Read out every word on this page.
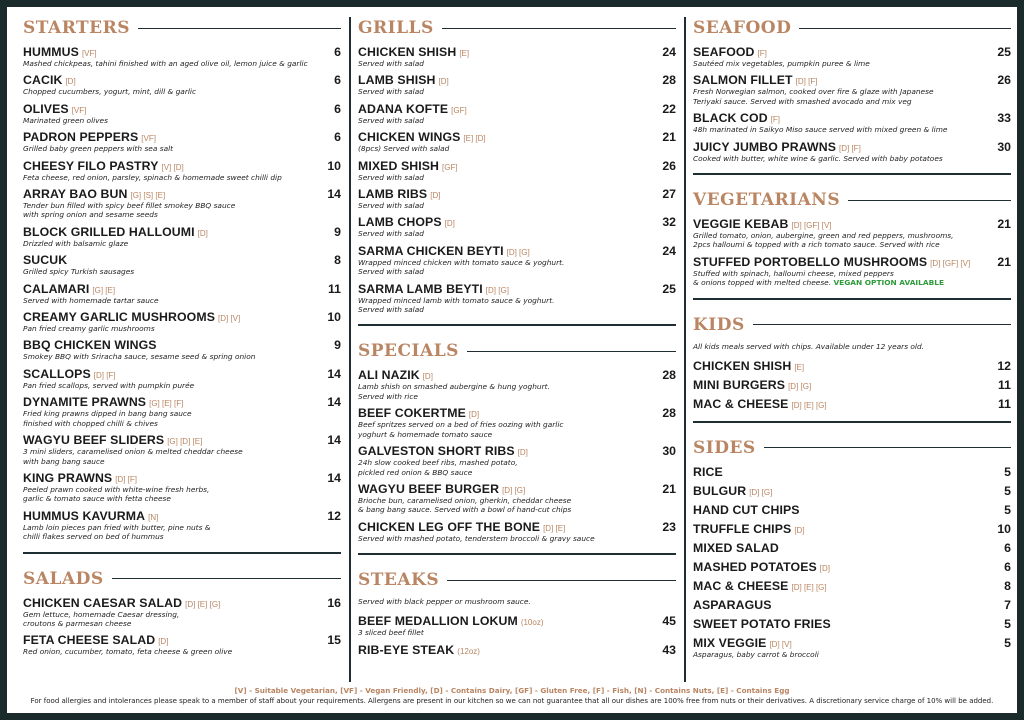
STARTERS
HUMMUS [VF]	6
Mashed chickpeas, tahini finished with an aged olive oil, lemon juice & garlic
CACIK [D]	6
Chopped cucumbers, yogurt, mint, dill & garlic
OLIVES [VF]	6
Marinated green olives
PADRON PEPPERS [VF]	6
Grilled baby green peppers with sea salt
CHEESY FILO PASTRY [V] [D]	10
Feta cheese, red onion, parsley, spinach & homemade sweet chilli dip
ARRAY BAO BUN [G] [S] [E]	14
Tender bun filled with spicy beef fillet smokey BBQ sauce
with spring onion and sesame seeds
BLOCK GRILLED HALLOUMI [D]	9
Drizzled with balsamic glaze
SUCUK	8
Grilled spicy Turkish sausages
CALAMARI [G] [E]	11
Served with homemade tartar sauce
CREAMY GARLIC MUSHROOMS [D] [V]	10
Pan fried creamy garlic mushrooms
BBQ CHICKEN WINGS	9
Smokey BBQ with Sriracha sauce, sesame seed & spring onion
SCALLOPS [D] [F]	14
Pan fried scallops, served with pumpkin purée
DYNAMITE PRAWNS [G] [E] [F]	14
Fried king prawns dipped in bang bang sauce
finished with chopped chilli & chives
WAGYU BEEF SLIDERS [G] [D] [E]	14
3 mini sliders, caramelised onion & melted cheddar cheese
with bang bang sauce
KING PRAWNS [D] [F]	14
Peeled prawn cooked with white-wine fresh herbs,
garlic & tomato sauce with fetta cheese
HUMMUS KAVURMA [N]	12
Lamb loin pieces pan fried with butter, pine nuts &
chilli flakes served on bed of hummus
SALADS
CHICKEN CAESAR SALAD [D] [E] [G]	16
Gem lettuce, homemade Caesar dressing,
croutons & parmesan cheese
FETA CHEESE SALAD [D]	15
Red onion, cucumber, tomato, feta cheese & green olive
GRILLS
CHICKEN SHISH [E]	24
Served with salad
LAMB SHISH [D]	28
Served with salad
ADANA KOFTE [GF]	22
Served with salad
CHICKEN WINGS [E] [D]	21
(8pcs) Served with salad
MIXED SHISH [GF]	26
Served with salad
LAMB RIBS [D]	27
Served with salad
LAMB CHOPS [D]	32
Served with salad
SARMA CHICKEN BEYTI [D] [G]	24
Wrapped minced chicken with tomato sauce & yoghurt.
Served with salad
SARMA LAMB BEYTI [D] [G]	25
Wrapped minced lamb with tomato sauce & yoghurt.
Served with salad
SPECIALS
ALI NAZIK [D]	28
Lamb shish on smashed aubergine & hung yoghurt.
Served with rice
BEEF COKERTME [D]	28
Beef spritzes served on a bed of fries oozing with garlic
yoghurt & homemade tomato sauce
GALVESTON SHORT RIBS [D]	30
24h slow cooked beef ribs, mashed potato,
pickled red onion & BBQ sauce
WAGYU BEEF BURGER [D] [G]	21
Brioche bun, caramelised onion, gherkin, cheddar cheese
& bang bang sauce. Served with a bowl of hand-cut chips
CHICKEN LEG OFF THE BONE [D] [E]	23
Served with mashed potato, tenderstem broccoli & gravy sauce
STEAKS
Served with black pepper or mushroom sauce.
BEEF MEDALLION LOKUM (10oz)	45
3 sliced beef fillet
RIB-EYE STEAK (12oz)	43
SEAFOOD
SEAFOOD [F]	25
Sautéed mix vegetables, pumpkin puree & lime
SALMON FILLET [D] [F]	26
Fresh Norwegian salmon, cooked over fire & glaze with Japanese
Teriyaki sauce. Served with smashed avocado and mix veg
BLACK COD [F]	33
48h marinated in Saikyo Miso sauce served with mixed green & lime
JUICY JUMBO PRAWNS [D] [F]	30
Cooked with butter, white wine & garlic. Served with baby potatoes
VEGETARIANS
VEGGIE KEBAB [D] [GF] [V]	21
Grilled tomato, onion, aubergine, green and red peppers, mushrooms,
2pcs halloumi & topped with a rich tomato sauce. Served with rice
STUFFED PORTOBELLO MUSHROOMS [D] [GF] [V] 21
Stuffed with spinach, halloumi cheese, mixed peppers
& onions topped with melted cheese. VEGAN OPTION AVAILABLE
KIDS
All kids meals served with chips. Available under 12 years old.
CHICKEN SHISH [E]	12
MINI BURGERS [D] [G]	11
MAC & CHEESE [D] [E] [G]	11
SIDES
RICE	5
BULGUR [D] [G]	5
HAND CUT CHIPS	5
TRUFFLE CHIPS [D]	10
MIXED SALAD	6
MASHED POTATOES [D]	6
MAC & CHEESE [D] [E] [G]	8
ASPARAGUS	7
SWEET POTATO FRIES	5
MIX VEGGIE [D] [V]	5
Asparagus, baby carrot & broccoli
[V] - Suitable Vegetarian, [VF] - Vegan Friendly, [D] - Contains Dairy, [GF] - Gluten Free, [F] - Fish, [N] - Contains Nuts, [E] - Contains Egg
For food allergies and intolerances please speak to a member of staff about your requirements. Allergens are present in our kitchen so we can not guarantee that all our dishes are 100% free from nuts or their derivatives. A discretionary service charge of 10% will be added.
